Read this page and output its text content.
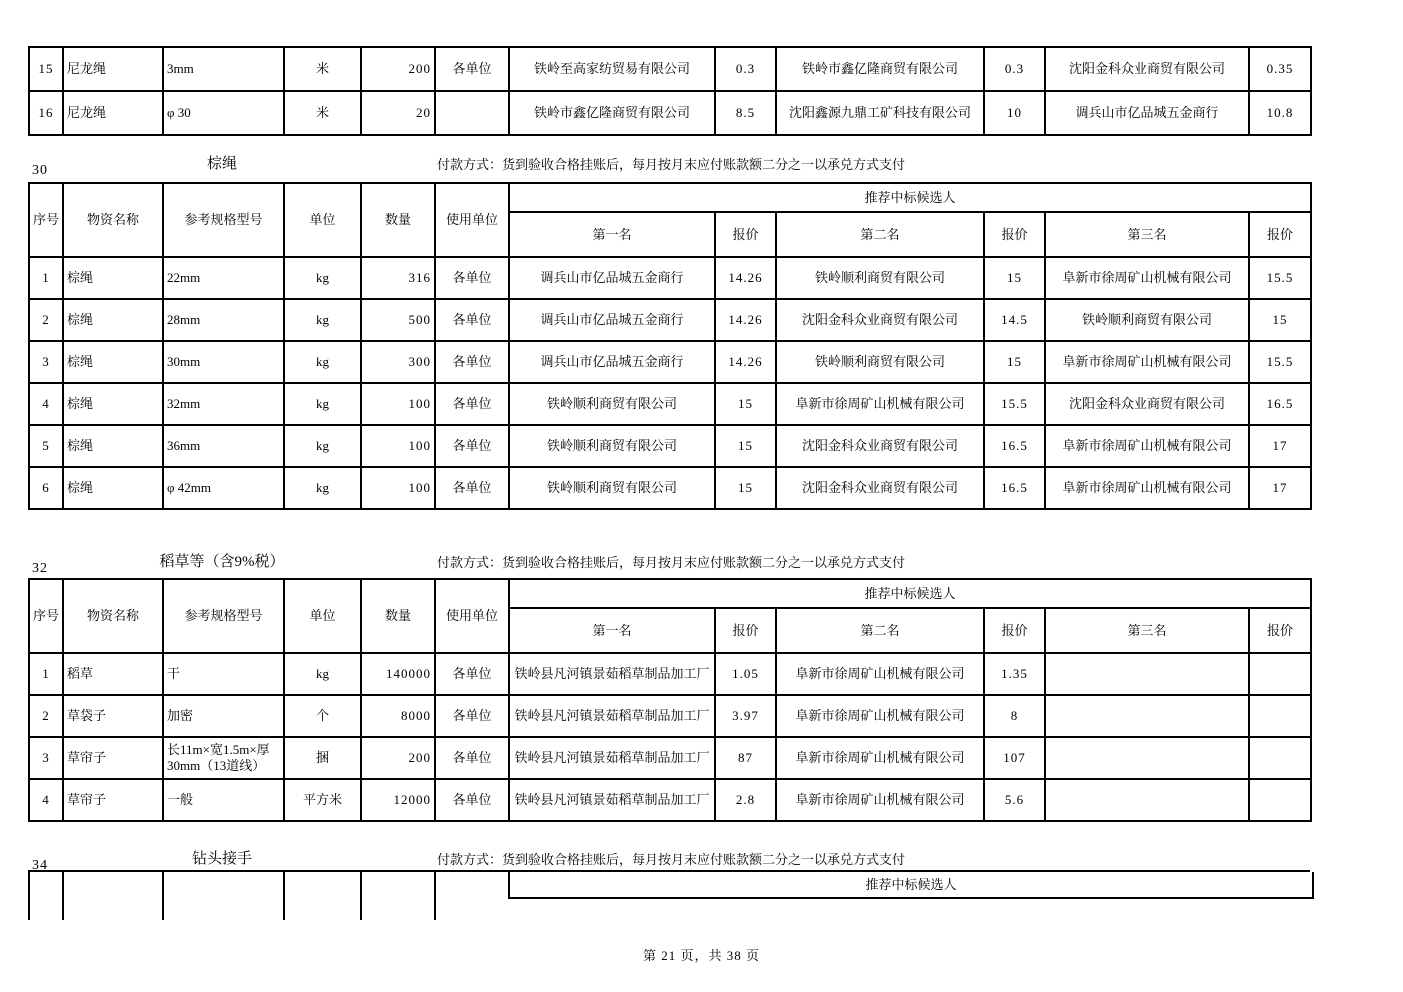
15	尼龙绳	3mm	米	200	各单位	铁岭至高家纺贸易有限公司	0.3	铁岭市鑫亿隆商贸有限公司	0.3	沈阳金科众业商贸有限公司	0.35
16	尼龙绳	φ 30	米	20		铁岭市鑫亿隆商贸有限公司	8.5	沈阳鑫源九鼎工矿科技有限公司	10	调兵山市亿品城五金商行	10.8
30	棕绳	付款方式：货到验收合格挂账后，每月按月末应付账款额二分之一以承兑方式支付
序号	物资名称	参考规格型号	单位	数量	使用单位	推荐中标候选人					
						第一名	报价	第二名	报价	第三名	报价
1	棕绳	22mm	kg	316	各单位	调兵山市亿品城五金商行	14.26	铁岭顺利商贸有限公司	15	阜新市徐周矿山机械有限公司	15.5
2	棕绳	28mm	kg	500	各单位	调兵山市亿品城五金商行	14.26	沈阳金科众业商贸有限公司	14.5	铁岭顺利商贸有限公司	15
3	棕绳	30mm	kg	300	各单位	调兵山市亿品城五金商行	14.26	铁岭顺利商贸有限公司	15	阜新市徐周矿山机械有限公司	15.5
4	棕绳	32mm	kg	100	各单位	铁岭顺利商贸有限公司	15	阜新市徐周矿山机械有限公司	15.5	沈阳金科众业商贸有限公司	16.5
5	棕绳	36mm	kg	100	各单位	铁岭顺利商贸有限公司	15	沈阳金科众业商贸有限公司	16.5	阜新市徐周矿山机械有限公司	17
6	棕绳	φ 42mm	kg	100	各单位	铁岭顺利商贸有限公司	15	沈阳金科众业商贸有限公司	16.5	阜新市徐周矿山机械有限公司	17
32	稻草等（含9%税）	付款方式：货到验收合格挂账后，每月按月末应付账款额二分之一以承兑方式支付
序号	物资名称	参考规格型号	单位	数量	使用单位	推荐中标候选人					
						第一名	报价	第二名	报价	第三名	报价
1	稻草	干	kg	140000	各单位	铁岭县凡河镇景茹稻草制品加工厂	1.05	阜新市徐周矿山机械有限公司	1.35		
2	草袋子	加密	个	8000	各单位	铁岭县凡河镇景茹稻草制品加工厂	3.97	阜新市徐周矿山机械有限公司	8		
3	草帘子	长11m×宽1.5m×厚30mm（13道线）	捆	200	各单位	铁岭县凡河镇景茹稻草制品加工厂	87	阜新市徐周矿山机械有限公司	107		
4	草帘子	一般	平方米	12000	各单位	铁岭县凡河镇景茹稻草制品加工厂	2.8	阜新市徐周矿山机械有限公司	5.6		
34	钻头接手	付款方式：货到验收合格挂账后，每月按月末应付账款额二分之一以承兑方式支付
推荐中标候选人
第 21 页，共 38 页
